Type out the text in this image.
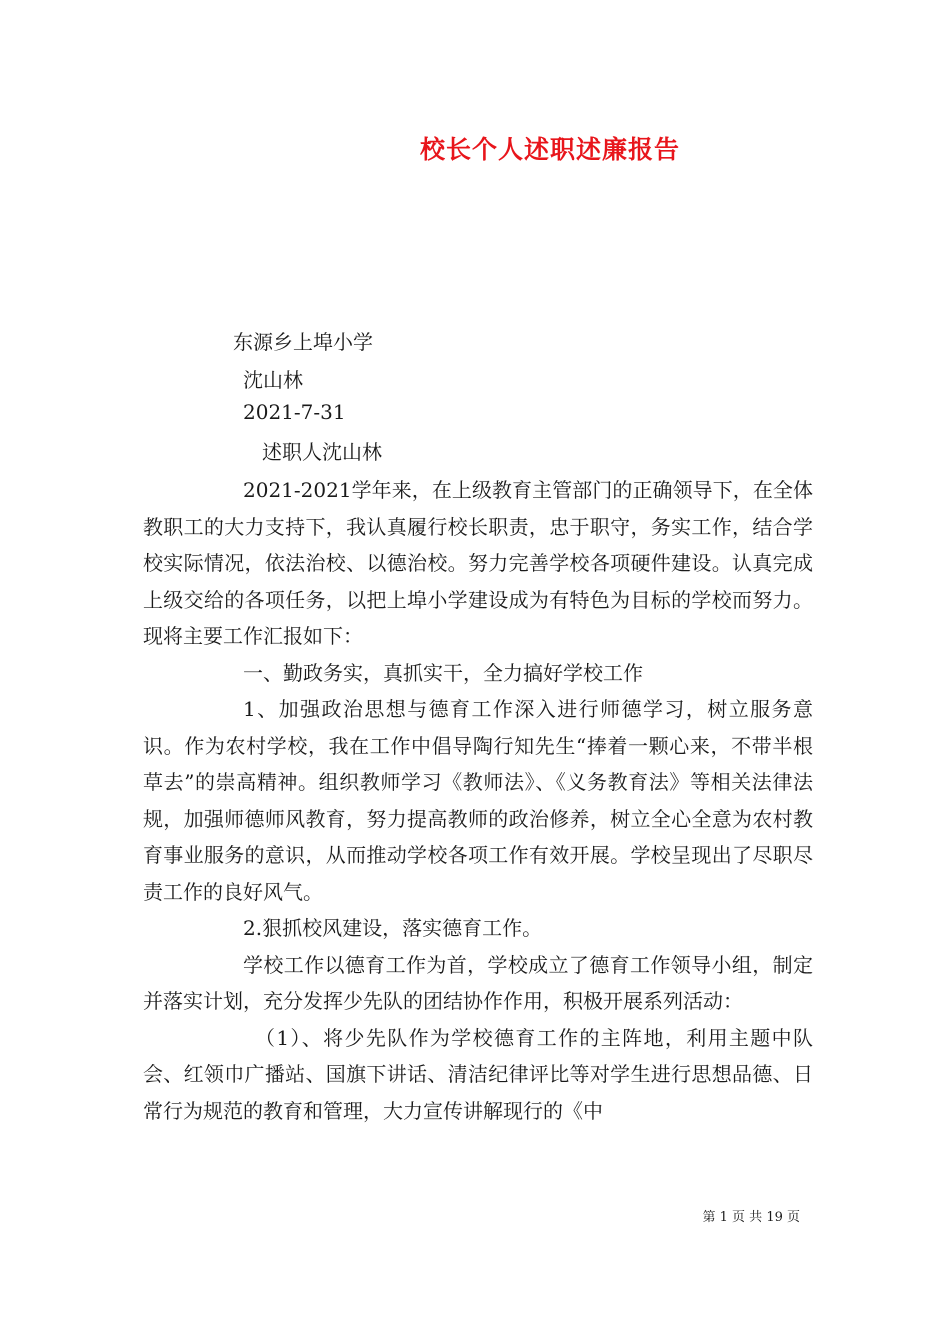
校长个人述职述廉报告
东源乡上埠小学
沈山林
2021-7-31
述职人沈山林

2021-2021学年来，在上级教育主管部门的正确领导下，在全体教职工的大力支持下，我认真履行校长职责，忠于职守，务实工作，结合学校实际情况，依法治校、以德治校。努力完善学校各项硬件建设。认真完成上级交给的各项任务，以把上埠小学建设成为有特色为目标的学校而努力。现将主要工作汇报如下：

一、勤政务实，真抓实干，全力搞好学校工作

1、加强政治思想与德育工作深入进行师德学习，树立服务意识。作为农村学校，我在工作中倡导陶行知先生“捧着一颗心来，不带半根草去”的崇高精神。组织教师学习《教师法》、《义务教育法》等相关法律法规，加强师德师风教育，努力提高教师的政治修养，树立全心全意为农村教育事业服务的意识，从而推动学校各项工作有效开展。学校呈现出了尽职尽责工作的良好风气。

2.狠抓校风建设，落实德育工作。

学校工作以德育工作为首，学校成立了德育工作领导小组，制定并落实计划，充分发挥少先队的团结协作作用，积极开展系列活动：

（1）、将少先队作为学校德育工作的主阵地，利用主题中队会、红领巾广播站、国旗下讲话、清洁纪律评比等对学生进行思想品德、日常行为规范的教育和管理，大力宣传讲解现行的《中

第 1 页 共 19 页
